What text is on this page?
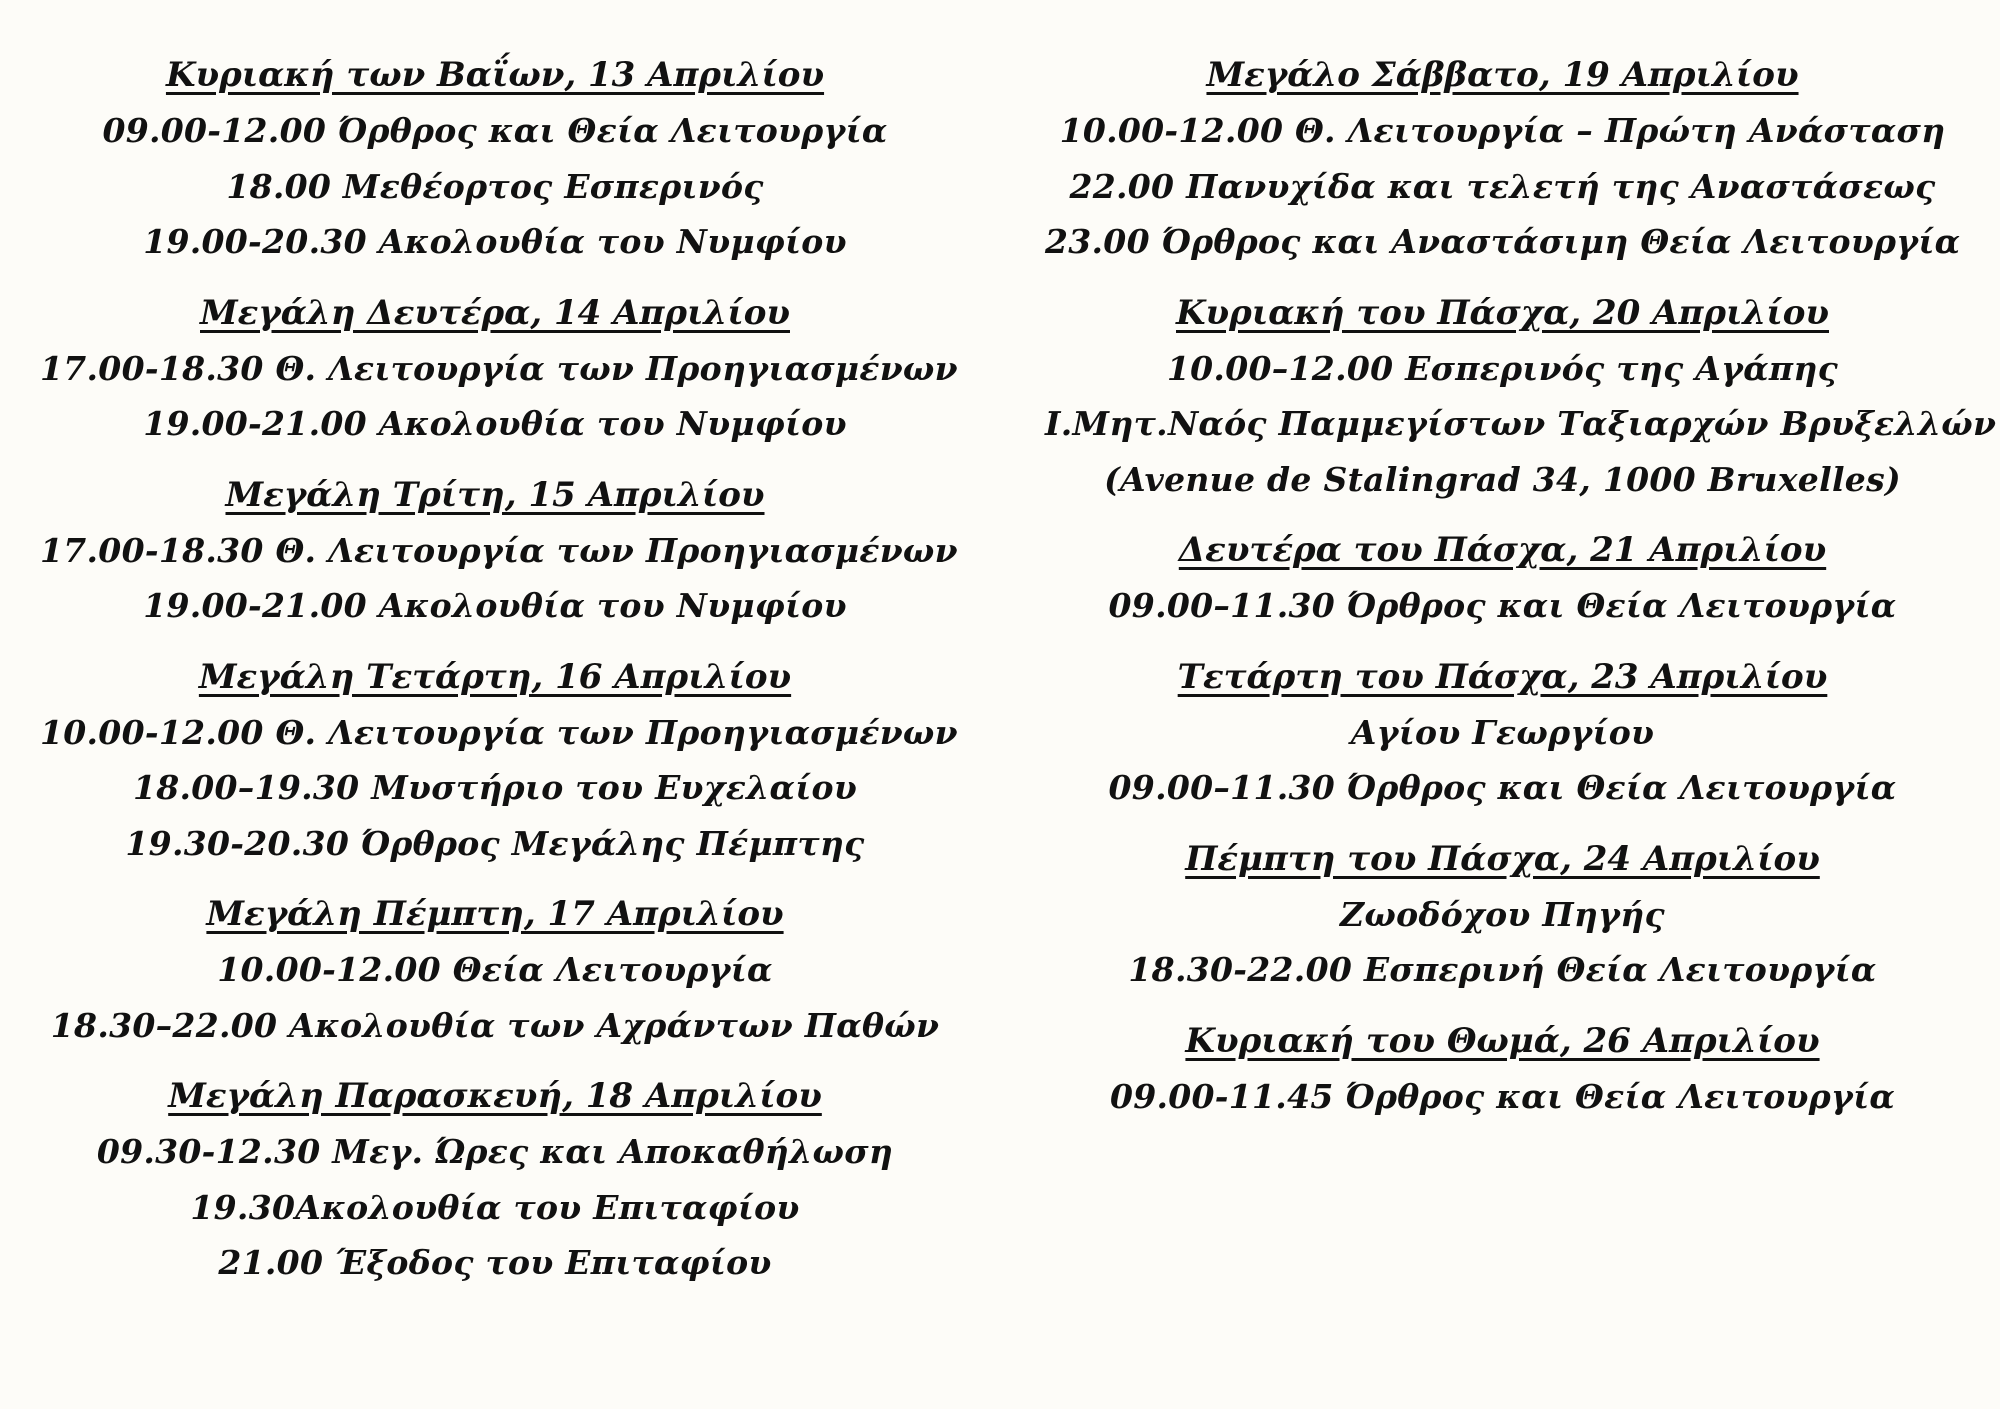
Κυριακή των Βαΐων, 13 Απριλίου
09.00-12.00 Όρθρος και Θεία Λειτουργία
18.00 Μεθέορτος Εσπερινός
19.00-20.30 Ακολουθία του Νυμφίου
Μεγάλη Δευτέρα, 14 Απριλίου
17.00-18.30 Θ. Λειτουργία των Προηγιασμένων
19.00-21.00 Ακολουθία του Νυμφίου
Μεγάλη Τρίτη, 15 Απριλίου
17.00-18.30 Θ. Λειτουργία των Προηγιασμένων
19.00-21.00 Ακολουθία του Νυμφίου
Μεγάλη Τετάρτη, 16 Απριλίου
10.00-12.00 Θ. Λειτουργία των Προηγιασμένων
18.00–19.30 Μυστήριο του Ευχελαίου
19.30-20.30 Όρθρος Μεγάλης Πέμπτης
Μεγάλη Πέμπτη, 17 Απριλίου
10.00-12.00 Θεία Λειτουργία
18.30–22.00 Ακολουθία των Αχράντων Παθών
Μεγάλη Παρασκευή, 18 Απριλίου
09.30-12.30 Μεγ. Ώρες και Αποκαθήλωση
19.30Ακολουθία του Επιταφίου
21.00 Έξοδος του Επιταφίου
Μεγάλο Σάββατο, 19 Απριλίου
10.00-12.00 Θ. Λειτουργία – Πρώτη Ανάσταση
22.00 Πανυχίδα και τελετή της Αναστάσεως
23.00 Όρθρος και Αναστάσιμη Θεία Λειτουργία
Κυριακή του Πάσχα, 20 Απριλίου
10.00–12.00 Εσπερινός της Αγάπης
Ι.Μητ.Ναός Παμμεγίστων Ταξιαρχών Βρυξελλών
(Avenue de Stalingrad 34, 1000 Bruxelles)
Δευτέρα του Πάσχα, 21 Απριλίου
09.00–11.30 Όρθρος και Θεία Λειτουργία
Τετάρτη του Πάσχα, 23 Απριλίου
Αγίου Γεωργίου
09.00–11.30 Όρθρος και Θεία Λειτουργία
Πέμπτη του Πάσχα, 24 Απριλίου
Ζωοδόχου Πηγής
18.30-22.00 Εσπερινή Θεία Λειτουργία
Κυριακή του Θωμά, 26 Απριλίου
09.00-11.45 Όρθρος και Θεία Λειτουργία
